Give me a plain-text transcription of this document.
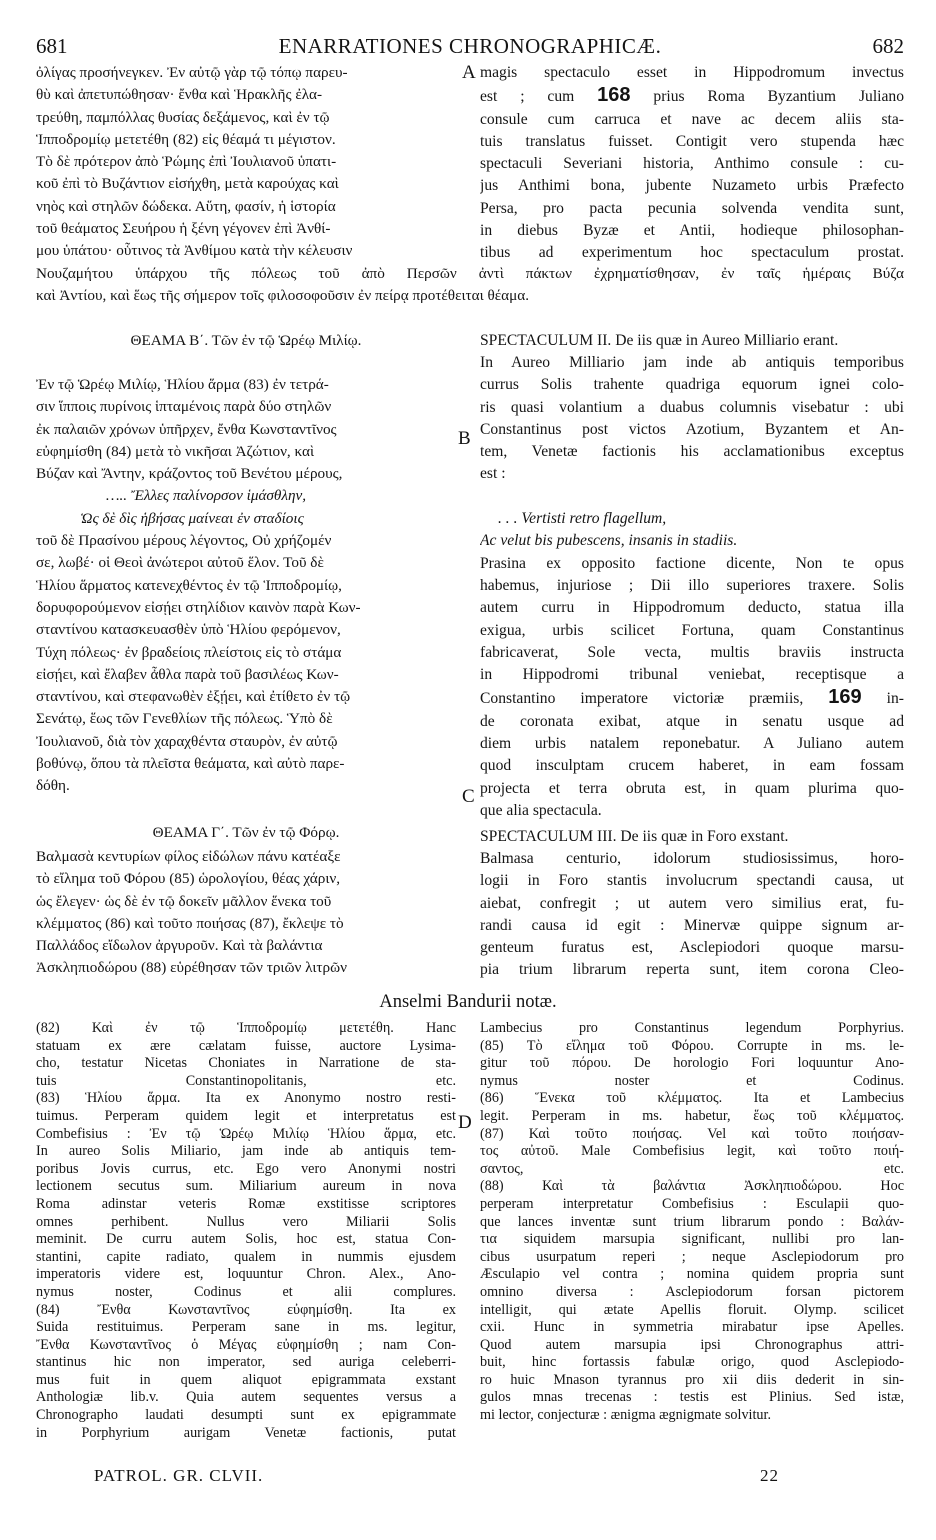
681	ENARRATIONES CHRONOGRAPHICÆ.	682
ὀλίγας προσήνεγκεν. Ἐν αὐτῷ γὰρ τῷ τόπῳ παρευ-
θὺ καὶ ἀπετυπώθησαν· ἔνθα καὶ Ἡρακλῆς ἐλα-
τρεύθη, παμπόλλας θυσίας δεξάμενος, καὶ ἐν τῷ
Ἱπποδρομίῳ μετετέθη (82) εἰς θέαμά τι μέγιστον.
Τὸ δὲ πρότερον ἀπὸ Ῥώμης ἐπὶ Ἰουλιανοῦ ὑπατι-
κοῦ ἐπὶ τὸ Βυζάντιον εἰσήχθη, μετὰ καρούχας καὶ
νηὸς καὶ στηλῶν δώδεκα. Αὕτη, φασίν, ἡ ἱστορία
τοῦ θεάματος Σευήρου ἡ ξένη γέγονεν ἐπὶ Ἀνθί-
μου ὑπάτου· οὗτινος τὰ Ἀνθίμου κατὰ τὴν κέλευσιν
magis spectaculo esset in Hippodromum invectus
est ; cum 168 prius Roma Byzantium Juliano
consule cum carruca et nave ac decem aliis sta-
tuis translatus fuisset. Contigit vero stupenda hæc
spectaculi Severiani historia, Anthimo consule : cu-
jus Anthimi bona, jubente Nuzameto urbis Præfecto
Persa, pro pacta pecunia solvenda vendita sunt,
in diebus Byzæ et Antii, hodieque philosophan-
tibus ad experimentum hoc spectaculum prostat.
Νουζαμήτου ὑπάρχου τῆς πόλεως τοῦ ἀπὸ Περσῶν ἀντὶ πάκτων ἐχρηματίσθησαν, ἐν ταῖς ἡμέραις Βύζα
καὶ Ἀντίου, καὶ ἕως τῆς σήμερον τοῖς φιλοσοφοῦσιν ἐν πείρᾳ προτέθειται θέαμα.
A
B
C
D
ΘΕΑΜΑ Β΄. Τῶν ἐν τῷ Ὡρέῳ Μιλίῳ.	SPECTACULUM II. De iis quæ in Aureo Milliario erant.
Ἐν τῷ Ὡρέῳ Μιλίῳ, Ἡλίου ἅρμα (83) ἐν τετρά-
σιν ἵπποις πυρίνοις ἱπταμένοις παρὰ δύο στηλῶν
ἐκ παλαιῶν χρόνων ὑπῆρχεν, ἔνθα Κωνσταντῖνος
εὐφημίσθη (84) μετὰ τὸ νικῆσαι Ἀζώτιον, καὶ
Βύζαν καὶ Ἄντην, κράζοντος τοῦ Βενέτου μέρους,
….. Ἔλλες παλίνορσον ἱμάσθλην,
Ὡς δὲ δὶς ἡβήσας μαίνεαι ἐν σταδίοις
τοῦ δὲ Πρασίνου μέρους λέγοντος, Οὐ χρήζομέν
σε, λωβέ· οἱ Θεοὶ ἀνώτεροι αὐτοῦ ἕλον. Τοῦ δὲ
Ἡλίου ἅρματος κατενεχθέντος ἐν τῷ Ἱπποδρομίῳ,
δορυφορούμενον εἰσῄει στηλίδιον καινὸν παρὰ Κων-
σταντίνου κατασκευασθὲν ὑπὸ Ἡλίου φερόμενον,
Τύχη πόλεως· ἐν βραδείοις πλείστοις εἰς τὸ στάμα
εἰσῄει, καὶ ἔλαβεν ἆθλα παρὰ τοῦ βασιλέως Κων-
σταντίνου, καὶ στεφανωθὲν ἐξῄει, καὶ ἐτίθετο ἐν τῷ
Σενάτῳ, ἕως τῶν Γενεθλίων τῆς πόλεως. Ὑπὸ δὲ
Ἰουλιανοῦ, διὰ τὸν χαραχθέντα σταυρὸν, ἐν αὐτῷ
βοθύνῳ, ὅπου τὰ πλεῖστα θεάματα, καὶ αὐτὸ παρε-
δόθη.
In Aureo Milliario jam inde ab antiquis temporibus
currus Solis trahente quadriga equorum ignei colo-
ris quasi volantium a duabus columnis visebatur : ubi
Constantinus post victos Azotium, Byzantem et An-
tem, Venetæ factionis his acclamationibus exceptus
est :

. . . Vertisti retro flagellum,
Ac velut bis pubescens, insanis in stadiis.
Prasina ex opposito factione dicente, Non te opus
habemus, injuriose ; Dii illo superiores traxere. Solis
autem curru in Hippodromum deducto, statua illa
exigua, urbis scilicet Fortuna, quam Constantinus
fabricaverat, Sole vecta, multis braviis instructa
in Hippodromi tribunal veniebat, receptisque a
Constantino imperatore victoriæ præmiis, 169 in-
de coronata exibat, atque in senatu usque ad
diem urbis natalem reponebatur. A Juliano autem
quod insculptam crucem haberet, in eam fossam
projecta et terra obruta est, in quam plurima quo-
que alia spectacula.
ΘΕΑΜΑ Γ΄. Τῶν ἐν τῷ Φόρῳ.	SPECTACULUM III. De iis quæ in Foro exstant.
Βαλμασὰ κεντυρίων φίλος εἰδώλων πάνυ κατέαξε
τὸ εἴλημα τοῦ Φόρου (85) ὡρολογίου, θέας χάριν,
ὡς ἔλεγεν· ὡς δὲ ἐν τῷ δοκεῖν μᾶλλον ἕνεκα τοῦ
κλέμματος (86) καὶ τοῦτο ποιήσας (87), ἔκλεψε τὸ
Παλλάδος εἴδωλον ἀργυροῦν. Καὶ τὰ βαλάντια
Ἀσκληπιοδώρου (88) εὑρέθησαν τῶν τριῶν λιτρῶν
Balmasa centurio, idolorum studiosissimus, horo-
logii in Foro stantis involucrum spectandi causa, ut
aiebat, confregit ; ut autem vero similius erat, fu-
randi causa id egit : Minervæ quippe signum ar-
genteum furatus est, Asclepiodori quoque marsu-
pia trium librarum reperta sunt, item corona Cleo-
Anselmi Bandurii notæ.
(82) Καὶ ἐν τῷ Ἱπποδρομίῳ μετετέθη. Hanc
statuam ex ære cælatam fuisse, auctore Lysima-
cho, testatur Nicetas Choniates in Narratione de sta-
tuis Constantinopolitanis, etc.
(83) Ἡλίου ἅρμα. Ita ex Anonymo nostro resti-
tuimus. Perperam quidem legit et interpretatus est
Combefisius : Ἐν τῷ Ὡρέῳ Μιλίῳ Ἡλίου ἅρμα, etc.
In aureo Solis Miliario, jam inde ab antiquis tem-
poribus Jovis currus, etc. Ego vero Anonymi nostri
lectionem secutus sum. Miliarium aureum in nova
Roma adinstar veteris Romæ exstitisse scriptores
omnes perhibent. Nullus vero Miliarii Solis
meminit. De curru autem Solis, hoc est, statua Con-
stantini, capite radiato, qualem in nummis ejusdem
imperatoris videre est, loquuntur Chron. Alex., Ano-
nymus noster, Codinus et alii complures.
(84) Ἔνθα Κωνσταντῖνος εὐφημίσθη. Ita ex
Suida restituimus. Perperam sane in ms. legitur,
Ἔνθα Κωνσταντῖνος ὁ Μέγας εὐφημίσθη ; nam Con-
stantinus hic non imperator, sed auriga celeberri-
mus fuit in quem aliquot epigrammata exstant
Anthologiæ lib.v. Quia autem sequentes versus a
Chronographo laudati desumpti sunt ex epigrammate
in Porphyrium aurigam Venetæ factionis, putat
Lambecius pro Constantinus legendum Porphyrius.
(85) Τὸ εἴλημα τοῦ Φόρου. Corrupte in ms. le-
gitur τοῦ πόρου. De horologio Fori loquuntur Ano-
nymus noster et Codinus.
(86) Ἕνεκα τοῦ κλέμματος. Ita et Lambecius
legit. Perperam in ms. habetur, ἕως τοῦ κλέμματος.
(87) Καὶ τοῦτο ποιήσας. Vel καὶ τοῦτο ποιήσαν-
τος αὐτοῦ. Male Combefisius legit, καὶ τοῦτο ποιή-
σαντος, etc.
(88) Καὶ τὰ βαλάντια Ἀσκληπιοδώρου. Hoc
perperam interpretatur Combefisius : Esculapii quo-
que lances inventæ sunt trium librarum pondo : Βαλάν-
τια siquidem marsupia significant, nullibi pro lan-
cibus usurpatum reperi ; neque Asclepiodorum pro
Æsculapio vel contra ; nomina quidem propria sunt
omnino diversa : Asclepiodorum forsan pictorem
intelligit, qui ætate Apellis floruit. Olymp. scilicet
cxii. Hunc in symmetria mirabatur ipse Apelles.
Quod autem marsupia ipsi Chronographus attri-
buit, hinc fortassis fabulæ origo, quod Asclepiodo-
ro huic Mnason tyrannus pro xii diis dederit in sin-
gulos mnas trecenas : testis est Plinius. Sed istæ,
mi lector, conjecturæ : ænigma ægnigmate solvitur.
PATROL. GR. CLVII.	22
